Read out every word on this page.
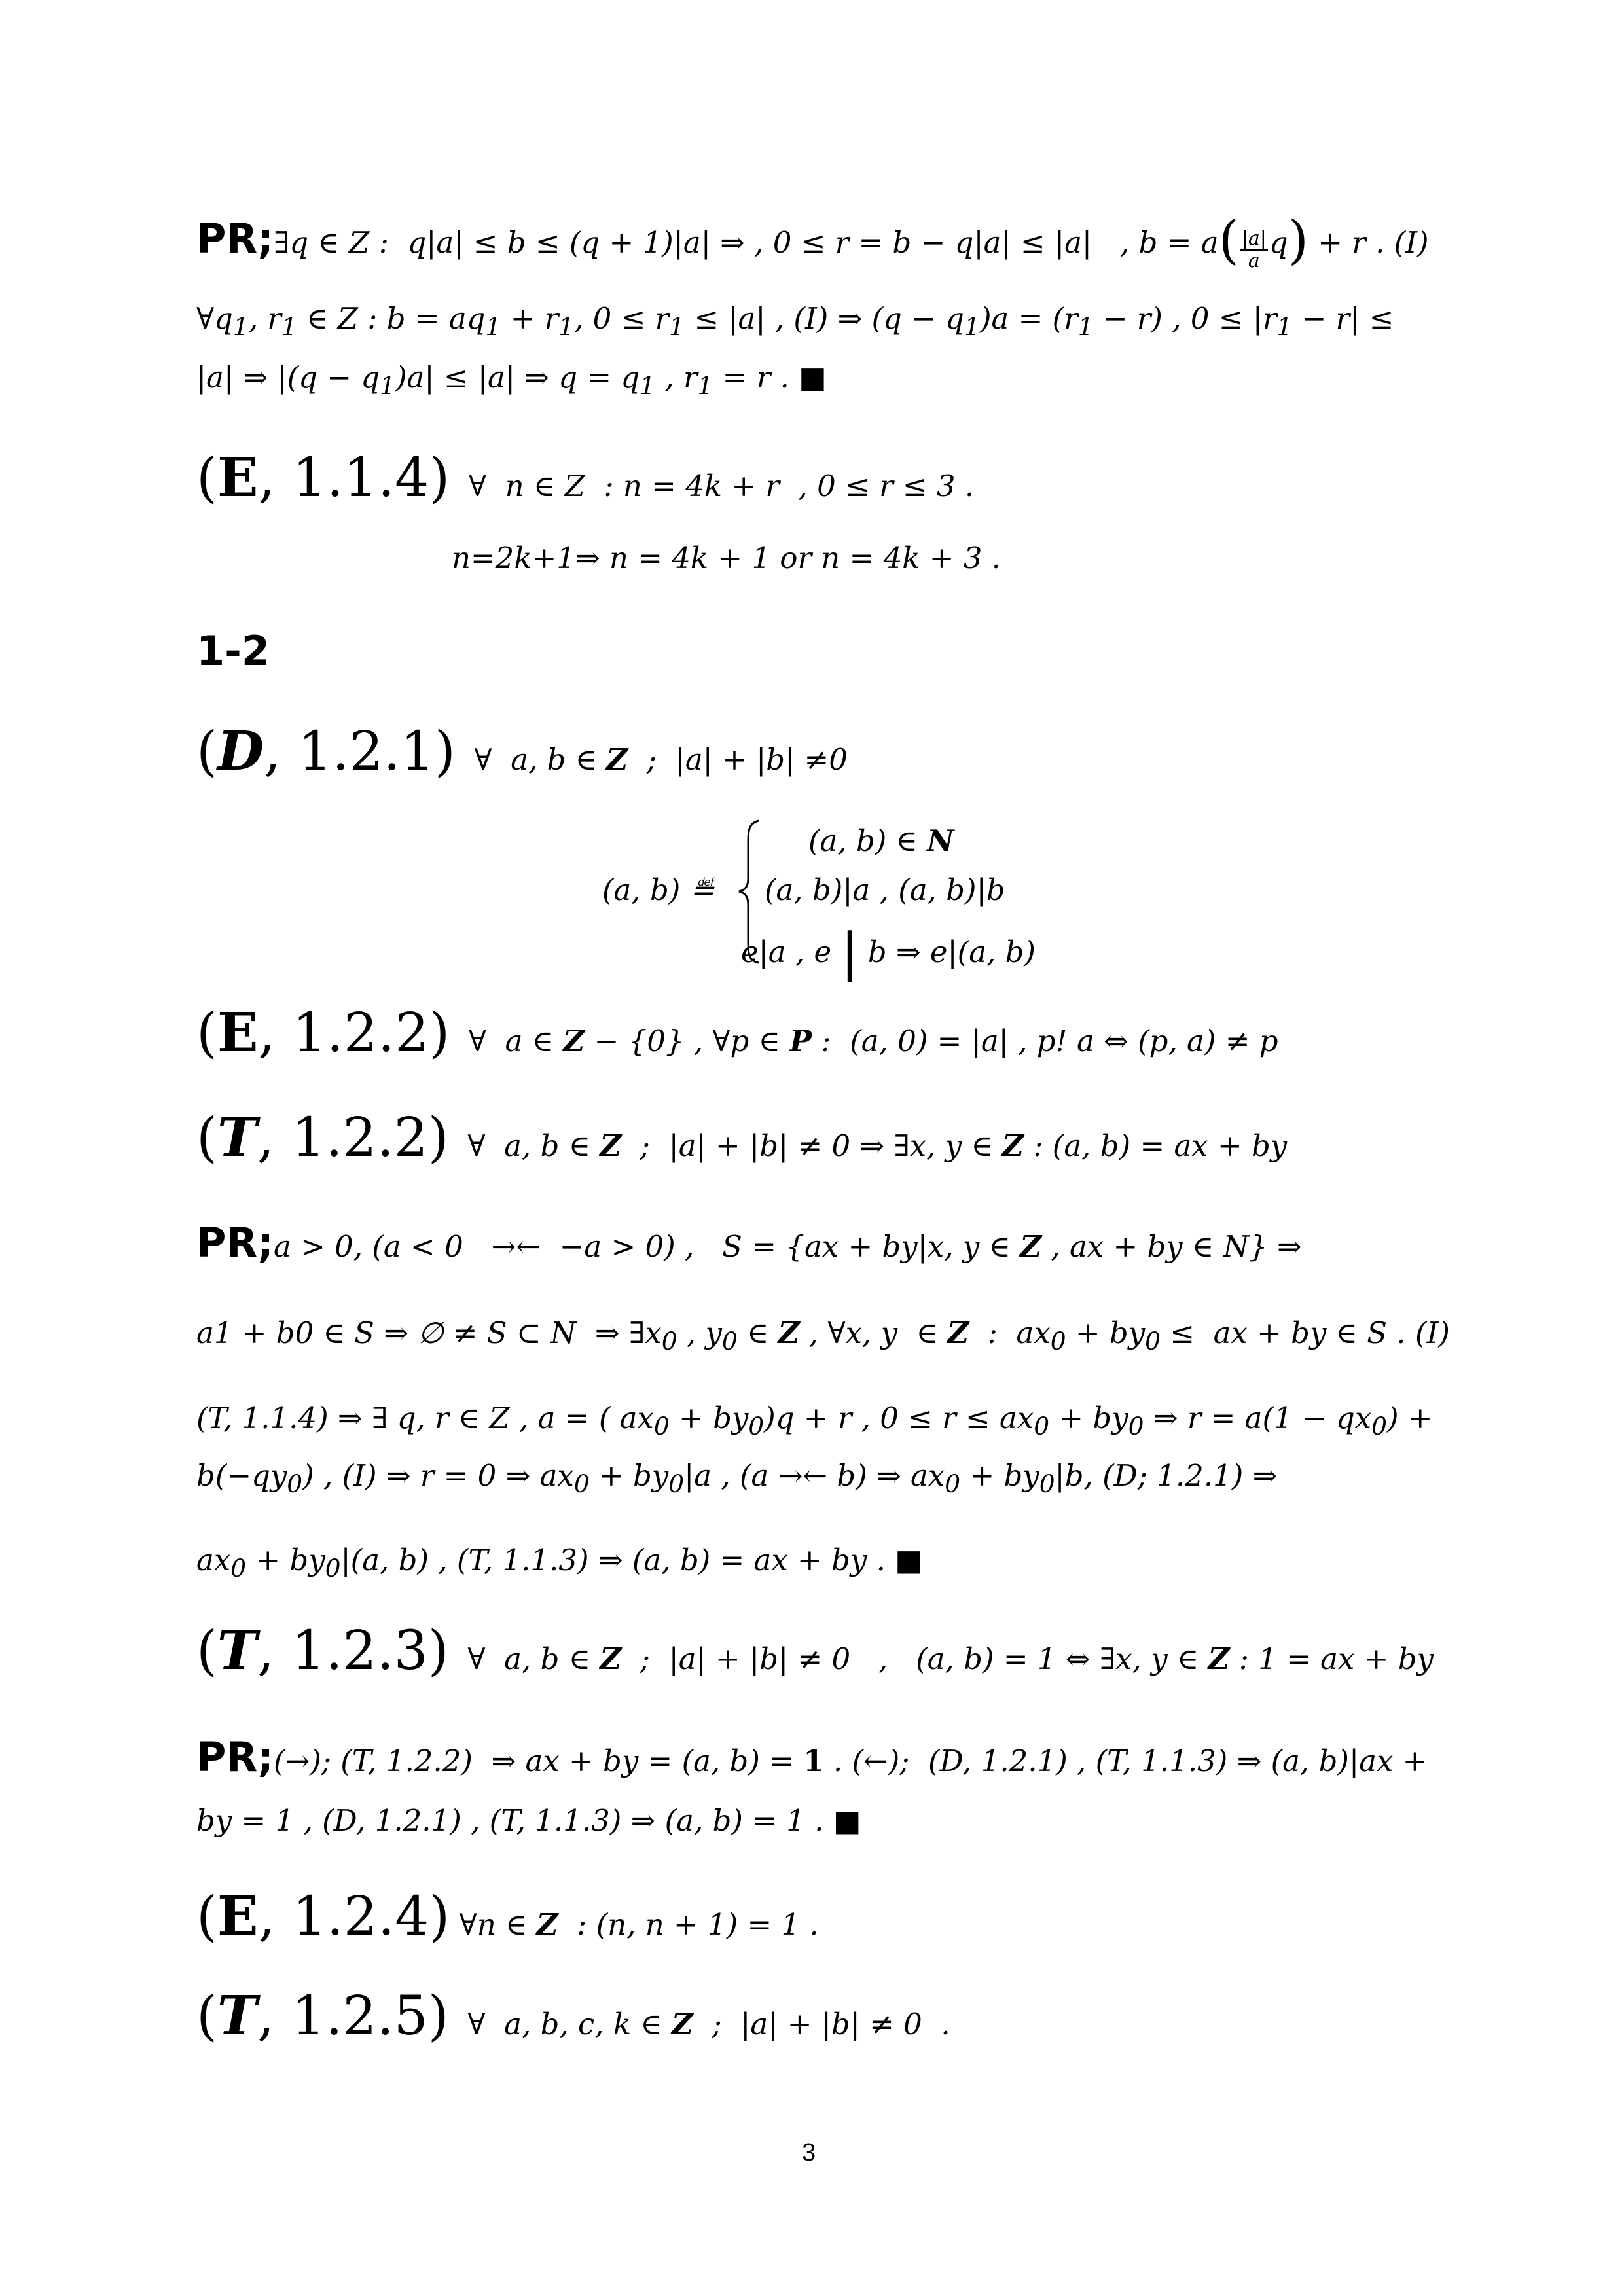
PR;∃q ∈ Z :  q|a| ≤ b ≤ (q + 1)|a| ⇒ , 0 ≤ r = b − q|a| ≤ |a|   , $b = a( \frac{|a|}{a} q) + r$ . (I)
$\forall q_1$, $r_1$ ∈ Z : $b = aq_1 + r_1$, $0 \le r_1 \le |a|$ , (I) ⇒ $(q - q_1)a = (r_1 - r)$ , $0 \le |r_1 - r|$ ≤
|a| ⇒ $|(q - q_1)a| \le |a|$ ⇒ $q = q_1$ , $r_1 = r$ . ■
(E, 1.1.4)  ∀  n ∈ Z  : n = 4k + r  , 0 ≤ r ≤ 3 .
n=2k+1⇒ n = 4k + 1 or n = 4k + 3 .
1-2
(D, 1.2.1)  ∀  a, b ∈ Z  ;  |a| + |b| ≠0
(a, b) ≝
(a, b) ∈ N
(a, b)|a , (a, b)|b
e|a , e | b ⇒ e|(a, b)
(E, 1.2.2)  ∀  a ∈ Z − {0} , ∀p ∈ P :  (a, 0) = |a| , p! a ⇔ (p, a) ≠ p
(T, 1.2.2)  ∀  a, b ∈ Z  ;  |a| + |b| ≠ 0 ⇒ ∃x, y ∈ Z : (a, b) = ax + by
PR;a > 0, (a < 0   →←  −a > 0) ,   S = {ax + by|x, y ∈ Z , ax + by ∈ N} ⇒
a1 + b0 ∈ S ⇒ ∅ ≠ S ⊂ N  ⇒ $\exists x_0$ , $y_0$ ∈ Z , ∀x, y  ∈ Z  :  $ax_0 + by_0$ ≤  ax + by ∈ S . (I)
(T, 1.1.4) ⇒ ∃ q, r ∈ Z , a = ( $ax_0 + by_0)q + r$ , $0 \le r \le ax_0 + by_0$ ⇒ $r = a(1 - qx_0)$ +
$b(-qy_0)$ , (I) ⇒ r = 0 ⇒ $ax_0 + by_0|a$ , (a →← b) ⇒ $ax_0 + by_0|b$, (D; 1.2.1) ⇒
$ax_0 + by_0|(a$, b) , (T, 1.1.3) ⇒ (a, b) = ax + by . ■
(T, 1.2.3)  ∀  a, b ∈ Z  ;  |a| + |b| ≠ 0   ,   (a, b) = 1 ⇔ ∃x, y ∈ Z : 1 = ax + by
PR;(→); (T, 1.2.2)  ⇒ ax + by = (a, b) = 1 . (←);  (D, 1.2.1) , (T, 1.1.3) ⇒ (a, b)|ax +
by = 1 , (D, 1.2.1) , (T, 1.1.3) ⇒ (a, b) = 1 . ■
(E, 1.2.4) ∀n ∈ Z  : (n, n + 1) = 1 .
(T, 1.2.5)  ∀  a, b, c, k ∈ Z  ;  |a| + |b| ≠ 0  .
3
